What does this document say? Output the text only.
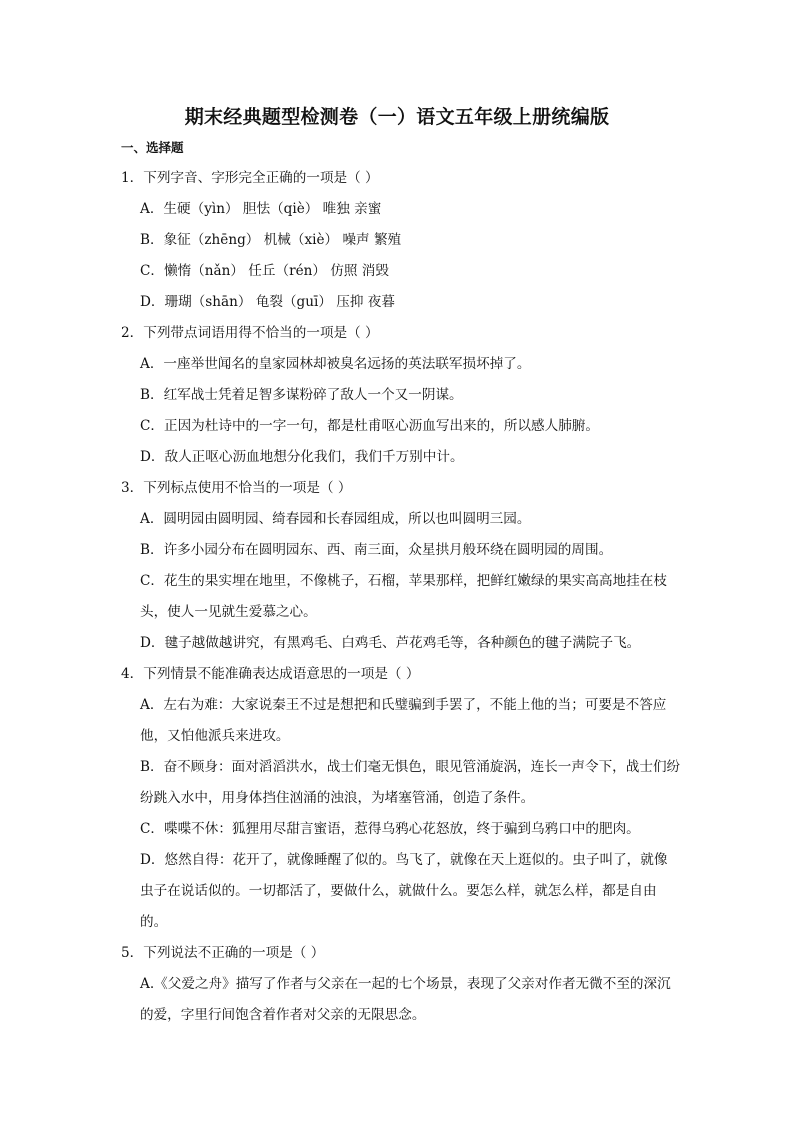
期末经典题型检测卷（一）语文五年级上册统编版
一、选择题

1．下列字音、字形完全正确的一项是（ ）

A．生硬（yìn） 胆怯（qiè） 唯独 亲蜜

B．象征（zhēng） 机械（xiè） 噪声 繁殖

C．懒惰（nǎn） 任丘（rén） 仿照 消毁

D．珊瑚（shān） 龟裂（guī） 压抑 夜暮

2．下列带点词语用得不恰当的一项是（ ）

A．一座举世闻名的皇家园林却被臭名远扬的英法联军损坏掉了。

B．红军战士凭着足智多谋粉碎了敌人一个又一阴谋。

C．正因为杜诗中的一字一句，都是杜甫呕心沥血写出来的，所以感人肺腑。

D．敌人正呕心沥血地想分化我们，我们千万别中计。

3．下列标点使用不恰当的一项是（ ）

A．圆明园由圆明园、绮春园和长春园组成，所以也叫圆明三园。

B．许多小园分布在圆明园东、西、南三面，众星拱月般环绕在圆明园的周围。

C．花生的果实埋在地里，不像桃子，石榴，苹果那样，把鲜红嫩绿的果实高高地挂在枝头，使人一见就生爱慕之心。

D．毽子越做越讲究，有黑鸡毛、白鸡毛、芦花鸡毛等，各种颜色的毽子满院子飞。

4．下列情景不能准确表达成语意思的一项是（ ）

A．左右为难：大家说秦王不过是想把和氏璧骗到手罢了，不能上他的当；可要是不答应他，又怕他派兵来进攻。

B．奋不顾身：面对滔滔洪水，战士们毫无惧色，眼见管涌旋涡，连长一声令下，战士们纷纷跳入水中，用身体挡住汹涌的浊浪，为堵塞管涌，创造了条件。

C．喋喋不休：狐狸用尽甜言蜜语，惹得乌鸦心花怒放，终于骗到乌鸦口中的肥肉。

D．悠然自得：花开了，就像睡醒了似的。鸟飞了，就像在天上逛似的。虫子叫了，就像虫子在说话似的。一切都活了，要做什么，就做什么。要怎么样，就怎么样，都是自由的。

5．下列说法不正确的一项是（ ）

A.《父爱之舟》描写了作者与父亲在一起的七个场景，表现了父亲对作者无微不至的深沉的爱，字里行间饱含着作者对父亲的无限思念。
